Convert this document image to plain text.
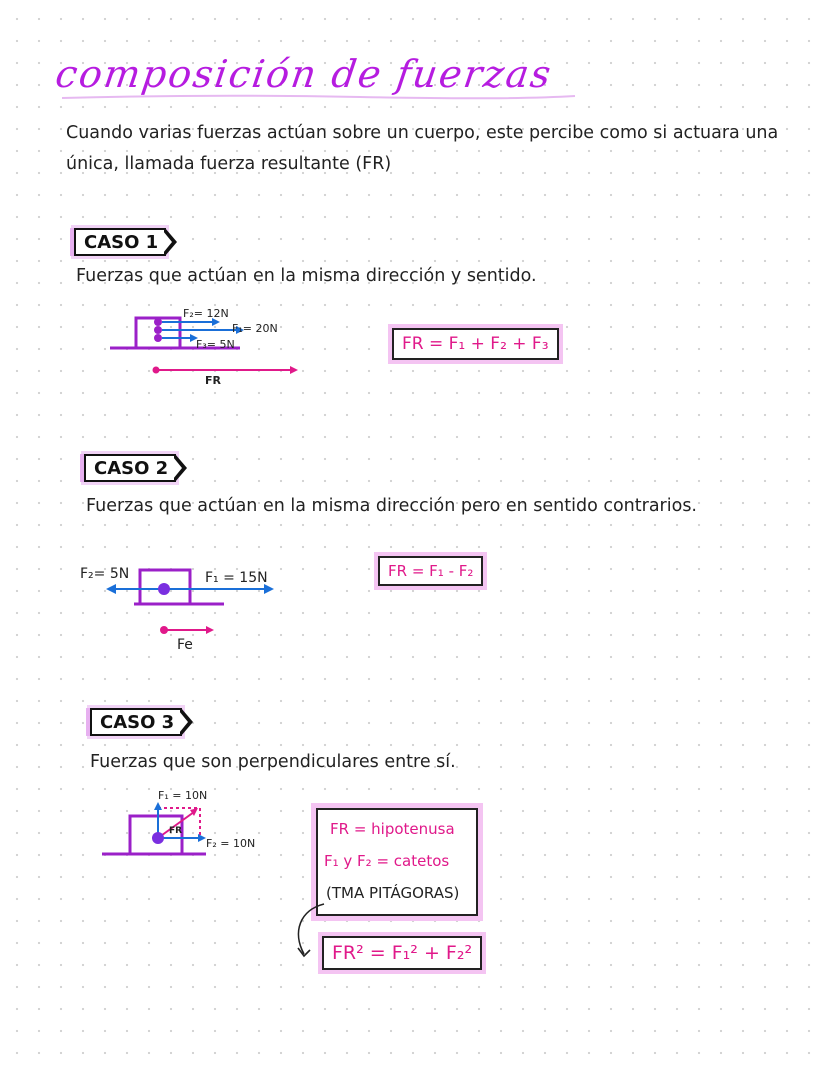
composición de fuerzas
Cuando varias fuerzas actúan sobre un cuerpo, este percibe como si actuara una única, llamada fuerza resultante (FR)
CASO 1
Fuerzas que actúan en la misma dirección y sentido.
F₂= 12N
F₁= 20N
F₃= 5N
FR
FR = F₁ + F₂ + F₃
CASO 2
Fuerzas que actúan en la misma dirección pero en sentido contrarios.
F₂= 5N	F₁ = 15N
Fe
FR = F₁ - F₂
CASO 3
Fuerzas que son perpendiculares entre sí.
F₁ = 10N
F₂ = 10N
FR	FR = hipotenusa
F₁ y F₂ = catetos
(TMA PITÁGORAS)
FR² = F₁² + F₂²
